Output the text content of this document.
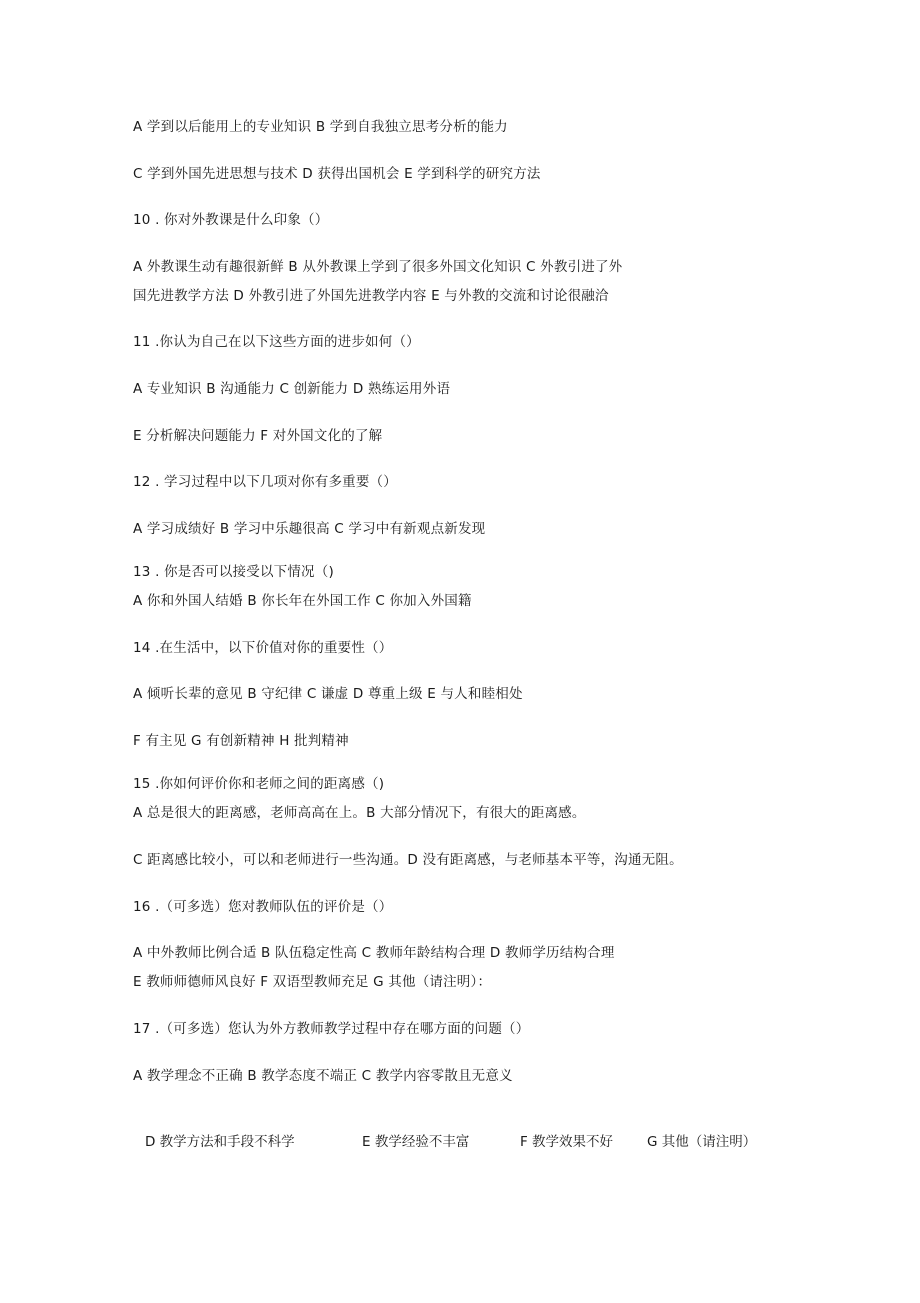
A 学到以后能用上的专业知识 B 学到自我独立思考分析的能力
C 学到外国先进思想与技术 D 获得出国机会 E 学到科学的研究方法
10 . 你对外教课是什么印象（）
A 外教课生动有趣很新鲜 B 从外教课上学到了很多外国文化知识 C 外教引进了外
国先进教学方法 D 外教引进了外国先进教学内容 E 与外教的交流和讨论很融洽
11 .你认为自己在以下这些方面的进步如何（）
A 专业知识 B 沟通能力 C 创新能力 D 熟练运用外语
E 分析解决问题能力 F 对外国文化的了解
12 . 学习过程中以下几项对你有多重要（）
A 学习成绩好 B 学习中乐趣很高 C 学习中有新观点新发现
13 . 你是否可以接受以下情况（)
A 你和外国人结婚 B 你长年在外国工作 C 你加入外国籍
14 .在生活中，以下价值对你的重要性（）
A 倾听长辈的意见 B 守纪律 C 谦虚 D 尊重上级 E 与人和睦相处
F 有主见 G 有创新精神 H 批判精神
15 .你如何评价你和老师之间的距离感（)
A 总是很大的距离感，老师高高在上。B 大部分情况下，有很大的距离感。
C 距离感比较小，可以和老师进行一些沟通。D 没有距离感，与老师基本平等，沟通无阻。
16 .（可多选）您对教师队伍的评价是（）
A 中外教师比例合适 B 队伍稳定性高 C 教师年龄结构合理 D 教师学历结构合理
E 教师师德师风良好 F 双语型教师充足 G 其他（请注明）：
17 .（可多选）您认为外方教师教学过程中存在哪方面的问题（）
A 教学理念不正确 B 教学态度不端正 C 教学内容零散且无意义
D 教学方法和手段不科学	E 教学经验不丰富	F 教学效果不好	G 其他（请注明）
